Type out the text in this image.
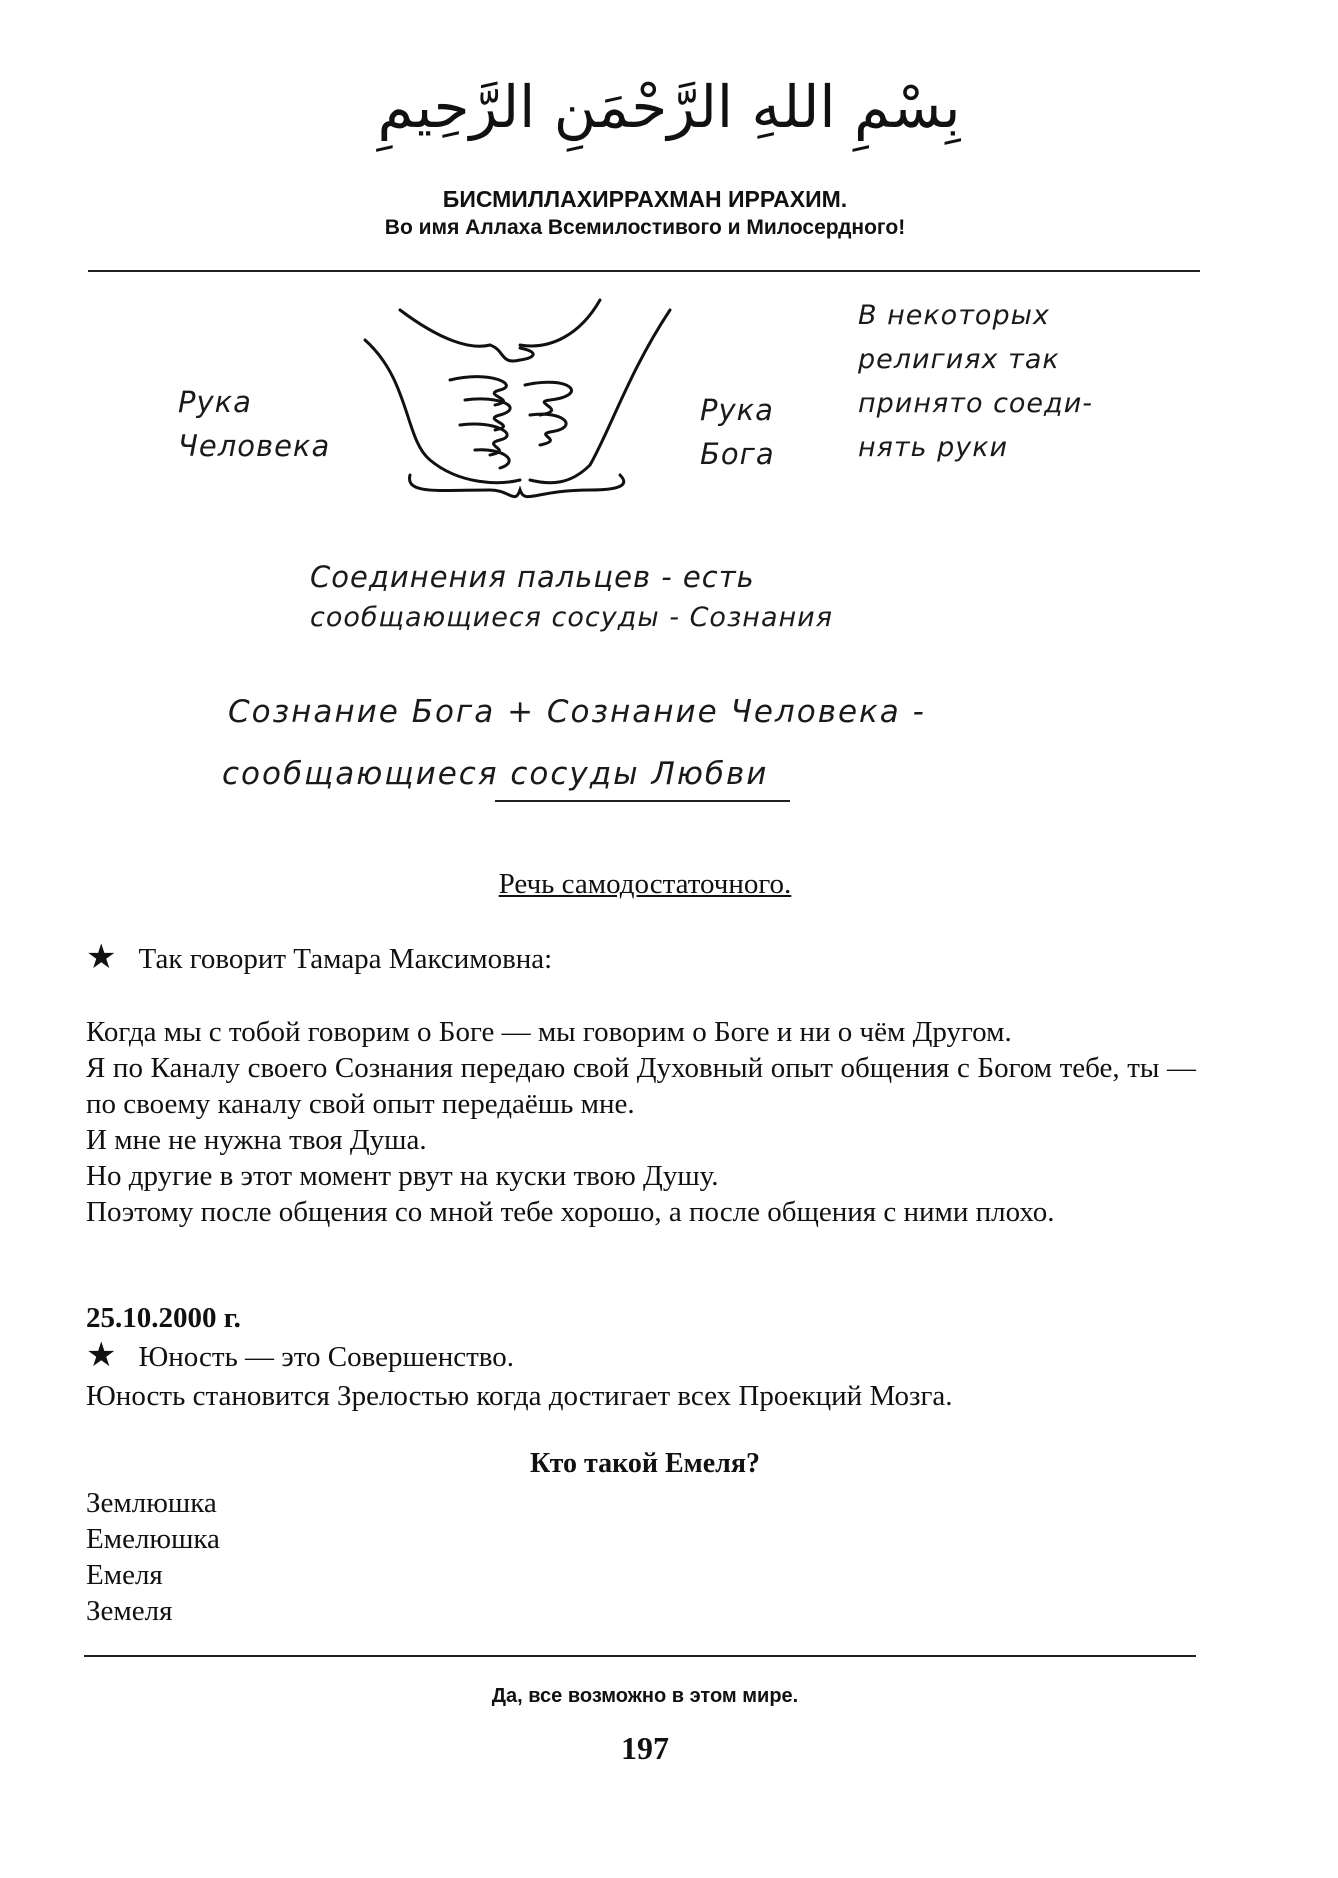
بِسْمِ اللهِ الرَّحْمَنِ الرَّحِيمِ
БИСМИЛЛАХИРРАХМАН ИРРАХИМ.
Во имя Аллаха Всемилостивого и Милосердного!
Рука
Человека
Рука
Бога
В некоторых
религиях так
принято соеди-
нять руки
Соединения пальцев - есть
сообщающиеся сосуды - Сознания
Сознание Бога + Сознание Человека -
сообщающиеся сосуды Любви
Речь самодостаточного.
★ Так говорит Тамара Максимовна:
Когда мы с тобой говорим о Боге — мы говорим о Боге и ни о чём Другом.
Я по Каналу своего Сознания передаю свой Духовный опыт общения с Богом тебе, ты — по своему каналу свой опыт передаёшь мне.
И мне не нужна твоя Душа.
Но другие в этот момент рвут на куски твою Душу.
Поэтому после общения со мной тебе хорошо, а после общения с ними плохо.
25.10.2000 г.
★ Юность — это Совершенство.
Юность становится Зрелостью когда достигает всех Проекций Мозга.
Кто такой Емеля?
Землюшка
Емелюшка
Емеля
Земеля
Да, все возможно в этом мире.
197
